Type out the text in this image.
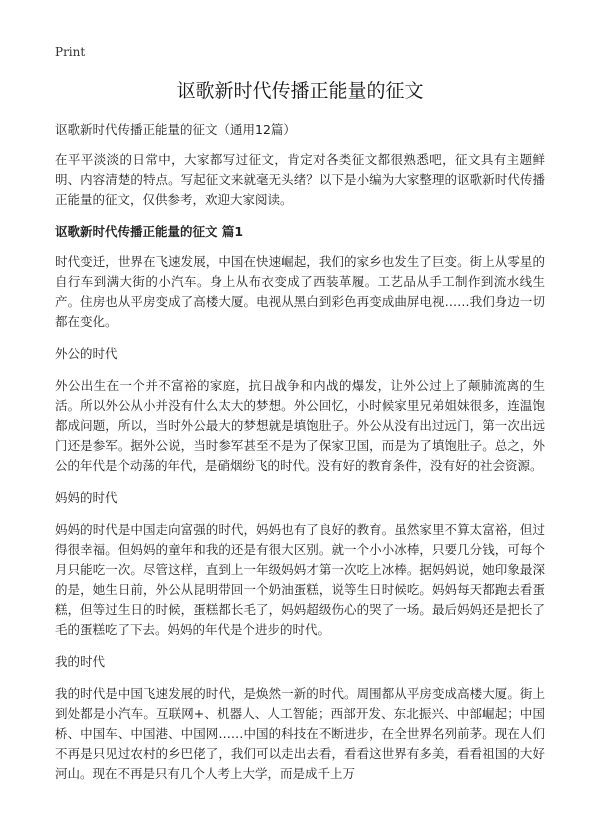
Print
讴歌新时代传播正能量的征文
讴歌新时代传播正能量的征文（通用12篇）

在平平淡淡的日常中，大家都写过征文，肯定对各类征文都很熟悉吧，征文具有主题鲜明、内容清楚的特点。写起征文来就毫无头绪？以下是小编为大家整理的讴歌新时代传播正能量的征文，仅供参考，欢迎大家阅读。

讴歌新时代传播正能量的征文 篇1

时代变迁，世界在飞速发展，中国在快速崛起，我们的家乡也发生了巨变。街上从零星的自行车到满大街的小汽车。身上从布衣变成了西装革履。工艺品从手工制作到流水线生产。住房也从平房变成了高楼大厦。电视从黑白到彩色再变成曲屏电视……我们身边一切都在变化。

外公的时代

外公出生在一个并不富裕的家庭，抗日战争和内战的爆发，让外公过上了颠肺流离的生活。所以外公从小并没有什么太大的梦想。外公回忆，小时候家里兄弟姐妹很多，连温饱都成问题，所以，当时外公最大的梦想就是填饱肚子。外公从没有出过远门，第一次出远门还是参军。据外公说，当时参军甚至不是为了保家卫国，而是为了填饱肚子。总之，外公的年代是个动荡的年代，是硝烟纷飞的时代。没有好的教育条件，没有好的社会资源。

妈妈的时代

妈妈的时代是中国走向富强的时代，妈妈也有了良好的教育。虽然家里不算太富裕，但过得很幸福。但妈妈的童年和我的还是有很大区别。就一个小小冰棒，只要几分钱，可每个月只能吃一次。尽管这样，直到上一年级妈妈才第一次吃上冰棒。据妈妈说，她印象最深的是，她生日前，外公从昆明带回一个奶油蛋糕，说等生日时候吃。妈妈每天都跑去看蛋糕，但等过生日的时候，蛋糕都长毛了，妈妈超级伤心的哭了一场。最后妈妈还是把长了毛的蛋糕吃了下去。妈妈的年代是个进步的时代。

我的时代

我的时代是中国飞速发展的时代，是焕然一新的时代。周围都从平房变成高楼大厦。街上到处都是小汽车。互联网+、机器人、人工智能；西部开发、东北振兴、中部崛起；中国桥、中国车、中国港、中国网……中国的科技在不断进步，在全世界名列前茅。现在人们不再是只见过农村的乡巴佬了，我们可以走出去看，看看这世界有多美，看看祖国的大好河山。现在不再是只有几个人考上大学，而是成千上万
